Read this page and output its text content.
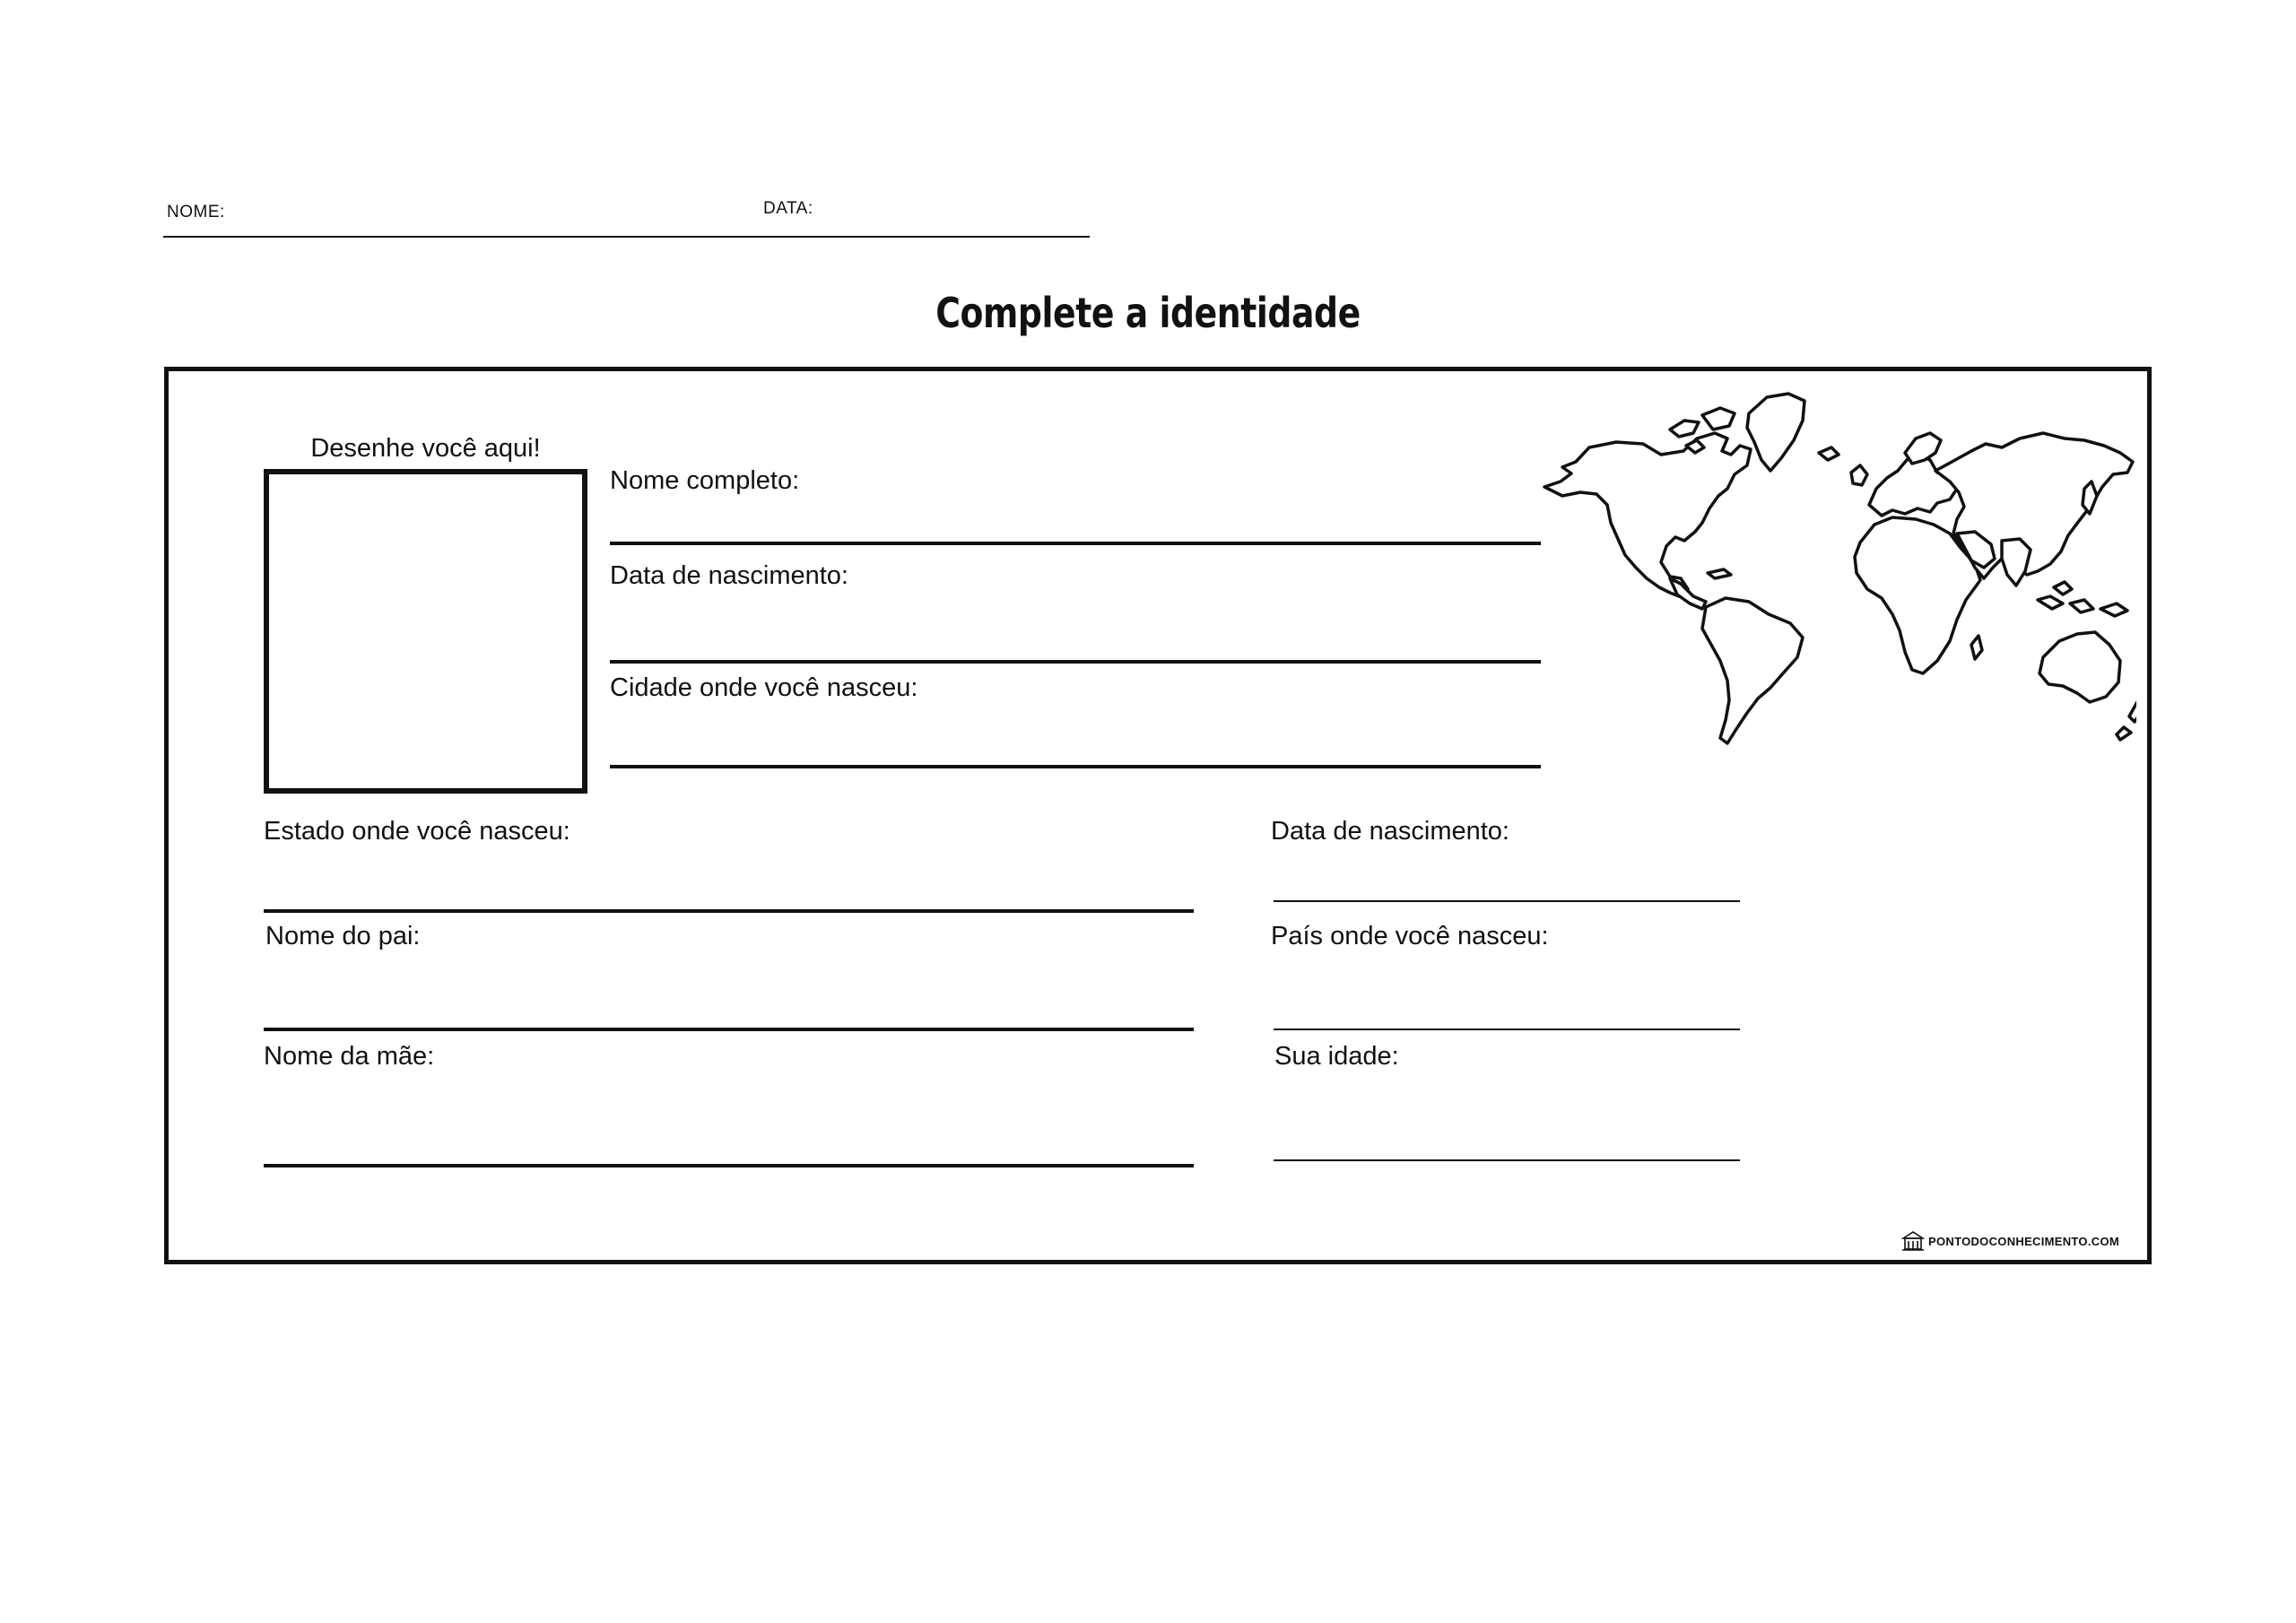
NOME:	DATA:
Complete a identidade
Desenhe você aqui!
Nome completo:
Data de nascimento:
Cidade onde você nasceu:
Estado onde você nasceu:
Nome do pai:
Nome da mãe:
Data de nascimento:
País onde você nasceu:
Sua idade:
PONTODOCONHECIMENTO.COM
